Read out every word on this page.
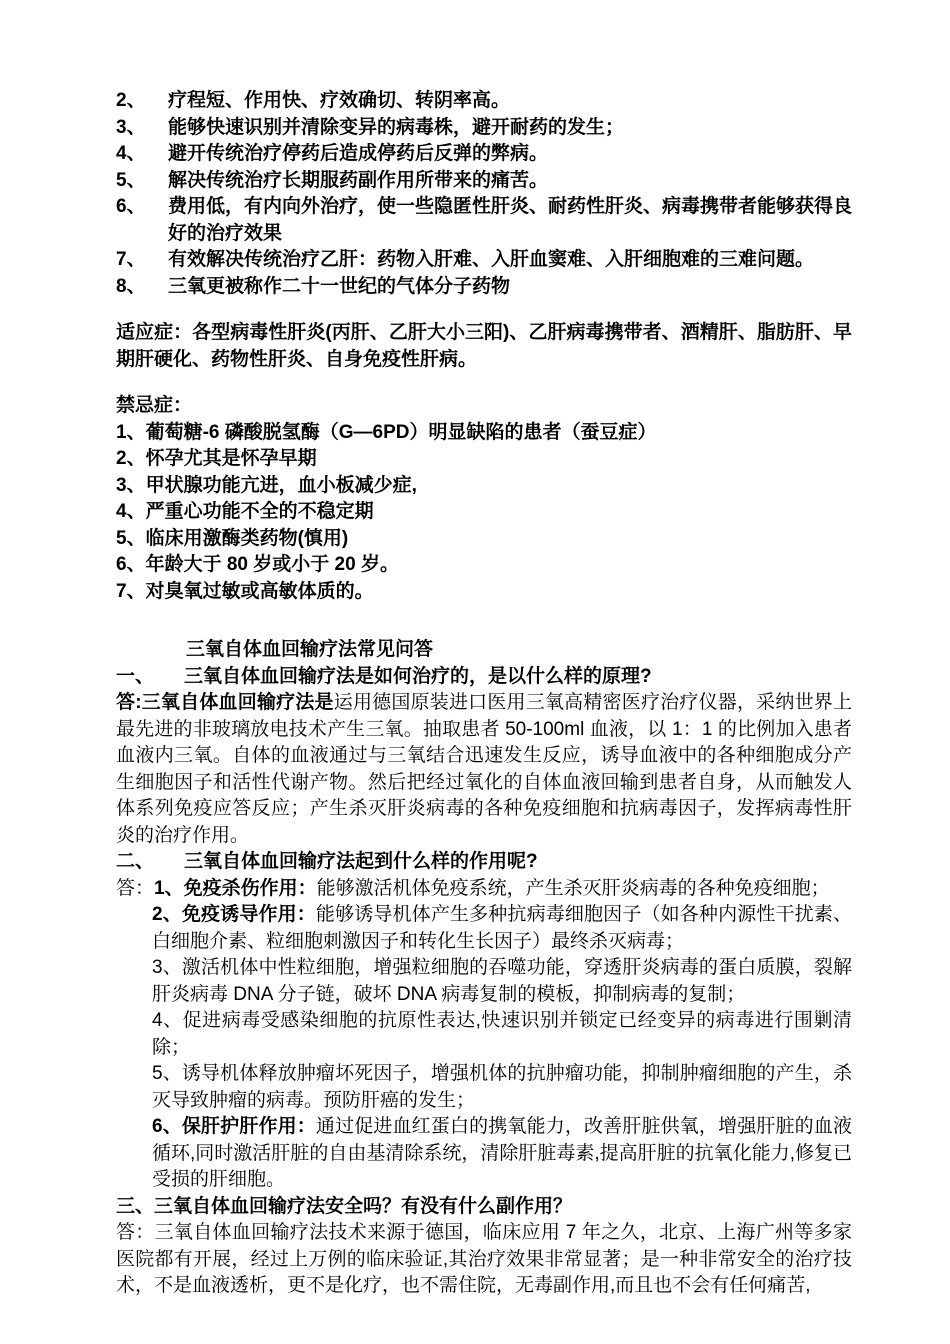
2、	疗程短、作用快、疗效确切、转阴率高。
3、	能够快速识别并清除变异的病毒株，避开耐药的发生；
4、	避开传统治疗停药后造成停药后反弹的弊病。
5、	解决传统治疗长期服药副作用所带来的痛苦。
6、	费用低，有内向外治疗，使一些隐匿性肝炎、耐药性肝炎、病毒携带者能够获得良好的治疗效果
7、	有效解决传统治疗乙肝：药物入肝难、入肝血窦难、入肝细胞难的三难问题。
8、	三氧更被称作二十一世纪的气体分子药物
适应症：各型病毒性肝炎(丙肝、乙肝大小三阳)、乙肝病毒携带者、酒精肝、脂肪肝、早期肝硬化、药物性肝炎、自身免疫性肝病。
禁忌症：
1、葡萄糖-6 磷酸脱氢酶（G—6PD）明显缺陷的患者（蚕豆症）
2、怀孕尤其是怀孕早期
3、甲状腺功能亢进，血小板减少症,
4、严重心功能不全的不稳定期
5、临床用激酶类药物(慎用)
6、年龄大于 80 岁或小于 20 岁。
7、对臭氧过敏或高敏体质的。
三氧自体血回输疗法常见问答
一、	三氧自体血回输疗法是如何治疗的，是以什么样的原理?
答:三氧自体血回输疗法是运用德国原装进口医用三氧高精密医疗治疗仪器，采纳世界上最先进的非玻璃放电技术产生三氧。抽取患者 50-100ml 血液，以 1：1 的比例加入患者血液内三氧。自体的血液通过与三氧结合迅速发生反应，诱导血液中的各种细胞成分产生细胞因子和活性代谢产物。然后把经过氧化的自体血液回输到患者自身，从而触发人体系列免疫应答反应；产生杀灭肝炎病毒的各种免疫细胞和抗病毒因子，发挥病毒性肝炎的治疗作用。
二、	三氧自体血回输疗法起到什么样的作用呢?
答：1、免疫杀伤作用：能够激活机体免疫系统，产生杀灭肝炎病毒的各种免疫细胞；
2、免疫诱导作用：能够诱导机体产生多种抗病毒细胞因子（如各种内源性干扰素、白细胞介素、粒细胞刺激因子和转化生长因子）最终杀灭病毒；
3、激活机体中性粒细胞，增强粒细胞的吞噬功能，穿透肝炎病毒的蛋白质膜，裂解肝炎病毒 DNA 分子链，破坏 DNA 病毒复制的模板，抑制病毒的复制；
4、促进病毒受感染细胞的抗原性表达,快速识别并锁定已经变异的病毒进行围剿清除；
5、诱导机体释放肿瘤坏死因子，增强机体的抗肿瘤功能，抑制肿瘤细胞的产生，杀灭导致肿瘤的病毒。预防肝癌的发生；
6、保肝护肝作用：通过促进血红蛋白的携氧能力，改善肝脏供氧，增强肝脏的血液循环,同时激活肝脏的自由基清除系统，清除肝脏毒素,提高肝脏的抗氧化能力,修复已受损的肝细胞。
三、三氧自体血回输疗法安全吗？有没有什么副作用？
答：三氧自体血回输疗法技术来源于德国，临床应用 7 年之久，北京、上海广州等多家医院都有开展，经过上万例的临床验证,其治疗效果非常显著；是一种非常安全的治疗技术，不是血液透析，更不是化疗，也不需住院，无毒副作用,而且也不会有任何痛苦,
